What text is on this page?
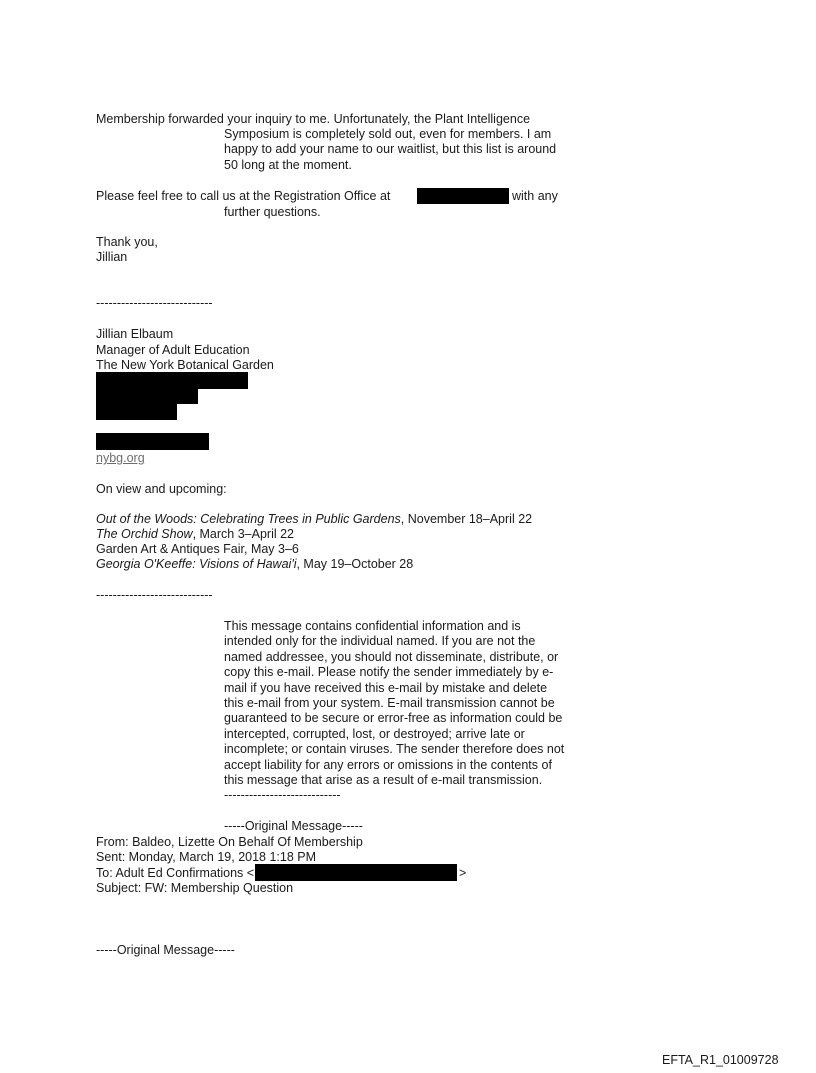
Membership forwarded your inquiry to me. Unfortunately, the Plant Intelligence
Symposium is completely sold out, even for members. I am
happy to add your name to our waitlist, but this list is around
50 long at the moment.
Please feel free to call us at the Registration Office at	with any
further questions.
Thank you,
Jillian
----------------------------
Jillian Elbaum
Manager of Adult Education
The New York Botanical Garden
nybg.org
On view and upcoming:
Out of the Woods: Celebrating Trees in Public Gardens, November 18–April 22
The Orchid Show, March 3–April 22
Garden Art & Antiques Fair, May 3–6
Georgia O'Keeffe: Visions of Hawai'i, May 19–October 28
----------------------------
This message contains confidential information and is
intended only for the individual named. If you are not the
named addressee, you should not disseminate, distribute, or
copy this e-mail. Please notify the sender immediately by e-
mail if you have received this e-mail by mistake and delete
this e-mail from your system. E-mail transmission cannot be
guaranteed to be secure or error-free as information could be
intercepted, corrupted, lost, or destroyed; arrive late or
incomplete; or contain viruses. The sender therefore does not
accept liability for any errors or omissions in the contents of
this message that arise as a result of e-mail transmission.
----------------------------
-----Original Message-----
From: Baldeo, Lizette On Behalf Of Membership
Sent: Monday, March 19, 2018 1:18 PM
To: Adult Ed Confirmations <	>
Subject: FW: Membership Question
-----Original Message-----
EFTA_R1_01009728
